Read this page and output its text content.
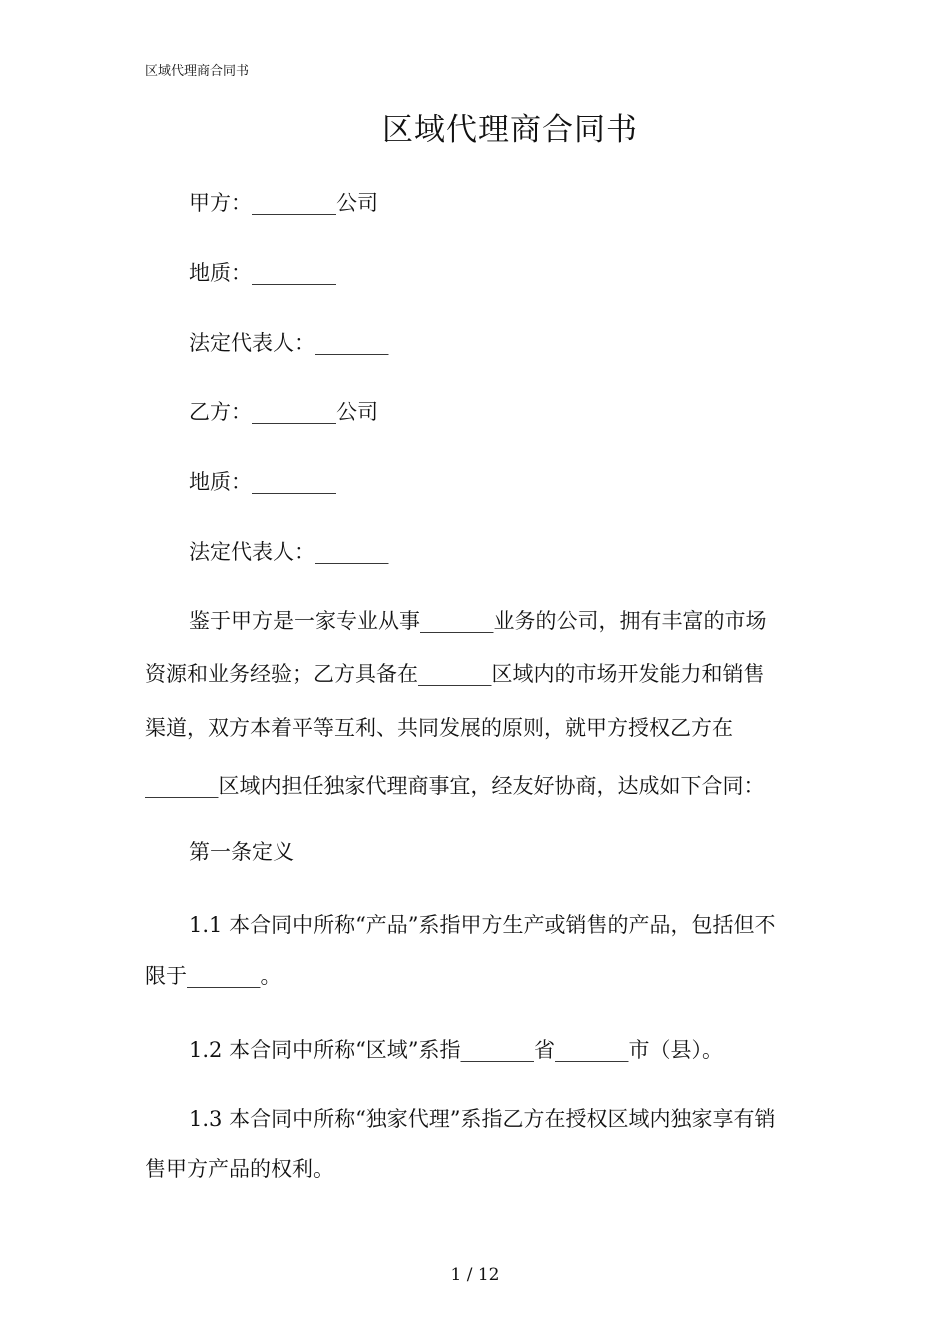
区域代理商合同书
区域代理商合同书
甲方：________公司
地质：________
法定代表人：_______
乙方：________公司
地质：________
法定代表人：_______
鉴于甲方是一家专业从事_______业务的公司，拥有丰富的市场
资源和业务经验；乙方具备在_______区域内的市场开发能力和销售
渠道，双方本着平等互利、共同发展的原则，就甲方授权乙方在
_______区域内担任独家代理商事宜，经友好协商，达成如下合同：
第一条定义
1.1 本合同中所称“产品”系指甲方生产或销售的产品，包括但不
限于_______。
1.2 本合同中所称“区域”系指_______省_______市（县）。
1.3 本合同中所称“独家代理”系指乙方在授权区域内独家享有销
售甲方产品的权利。
1 / 12
